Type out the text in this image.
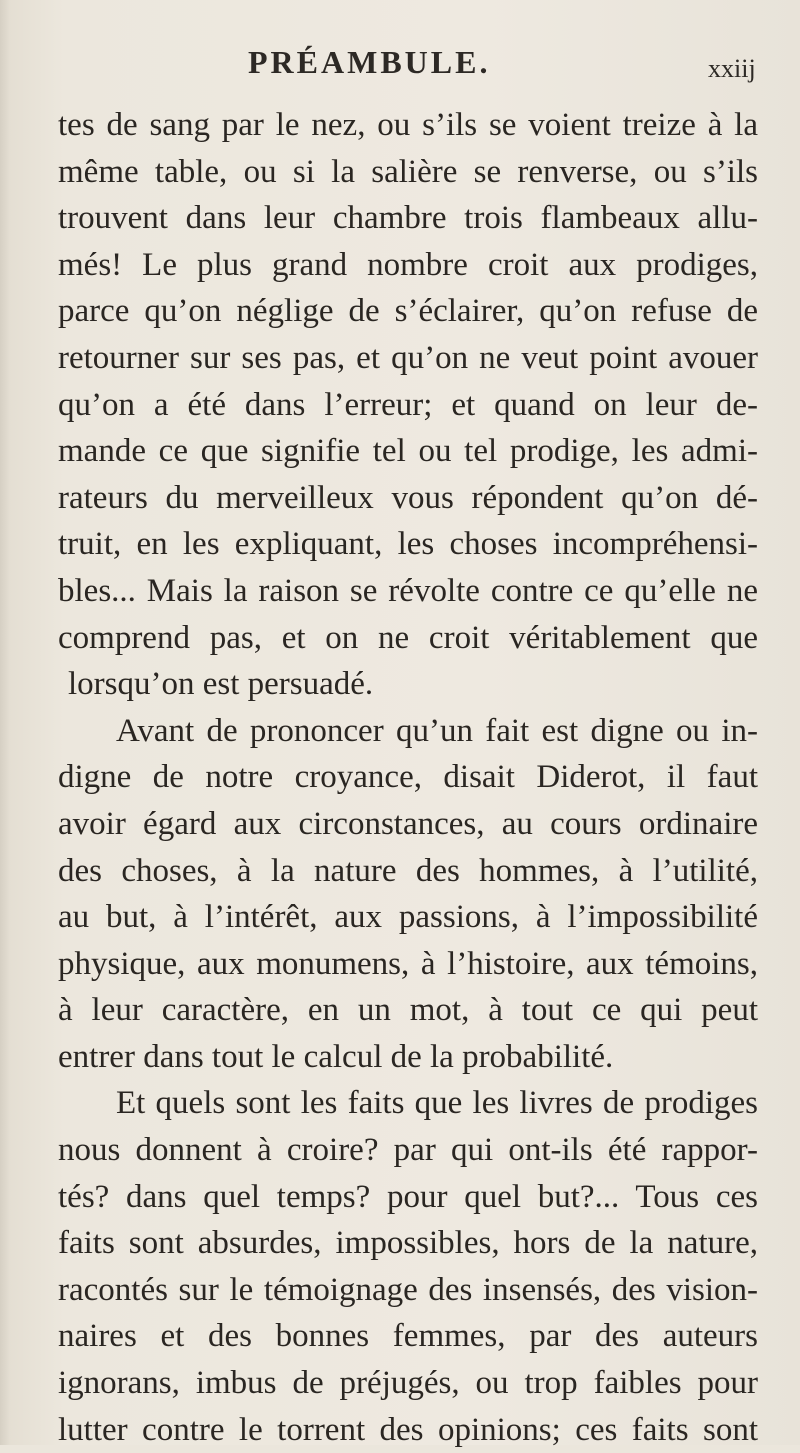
PRÉAMBULE.	xxiij
tes de sang par le nez, ou s’ils se voient treize à la
même table, ou si la salière se renverse, ou s’ils
trouvent dans leur chambre trois flambeaux allu-
més! Le plus grand nombre croit aux prodiges,
parce qu’on néglige de s’éclairer, qu’on refuse de
retourner sur ses pas, et qu’on ne veut point avouer
qu’on a été dans l’erreur; et quand on leur de-
mande ce que signifie tel ou tel prodige, les admi-
rateurs du merveilleux vous répondent qu’on dé-
truit, en les expliquant, les choses incompréhensi-
bles... Mais la raison se révolte contre ce qu’elle ne
comprend pas, et on ne croit véritablement que
lorsqu’on est persuadé.
Avant de prononcer qu’un fait est digne ou in-
digne de notre croyance, disait Diderot, il faut
avoir égard aux circonstances, au cours ordinaire
des choses, à la nature des hommes, à l’utilité,
au but, à l’intérêt, aux passions, à l’impossibilité
physique, aux monumens, à l’histoire, aux témoins,
à leur caractère, en un mot, à tout ce qui peut
entrer dans tout le calcul de la probabilité.
Et quels sont les faits que les livres de prodiges
nous donnent à croire? par qui ont-ils été rappor-
tés? dans quel temps? pour quel but?... Tous ces
faits sont absurdes, impossibles, hors de la nature,
racontés sur le témoignage des insensés, des vision-
naires et des bonnes femmes, par des auteurs
ignorans, imbus de préjugés, ou trop faibles pour
lutter contre le torrent des opinions; ces faits sont
